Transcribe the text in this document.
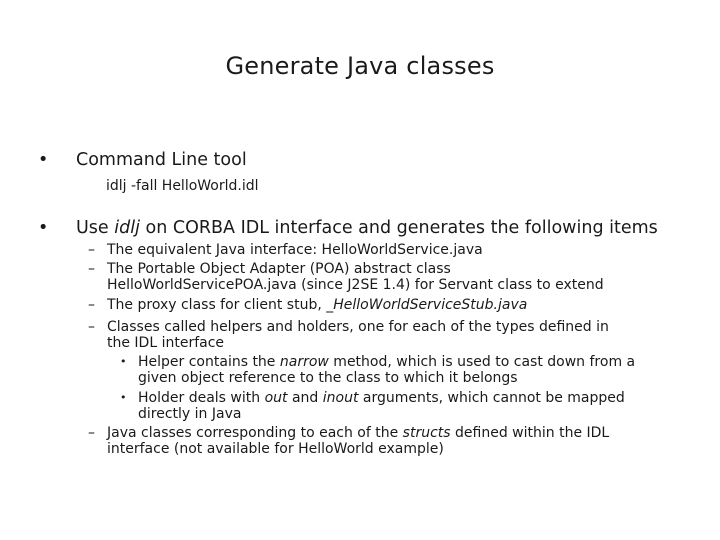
Generate Java classes
• Command Line tool
idlj -fall HelloWorld.idl
• Use idlj on CORBA IDL interface and generates the following items
– The equivalent Java interface: HelloWorldService.java
– The Portable Object Adapter (POA) abstract class
HelloWorldServicePOA.java (since J2SE 1.4) for Servant class to extend
– The proxy class for client stub, _HelloWorldServiceStub.java
– Classes called helpers and holders, one for each of the types defined in
the IDL interface
• Helper contains the narrow method, which is used to cast down from a
given object reference to the class to which it belongs
• Holder deals with out and inout arguments, which cannot be mapped
directly in Java
– Java classes corresponding to each of the structs defined within the IDL
interface (not available for HelloWorld example)
